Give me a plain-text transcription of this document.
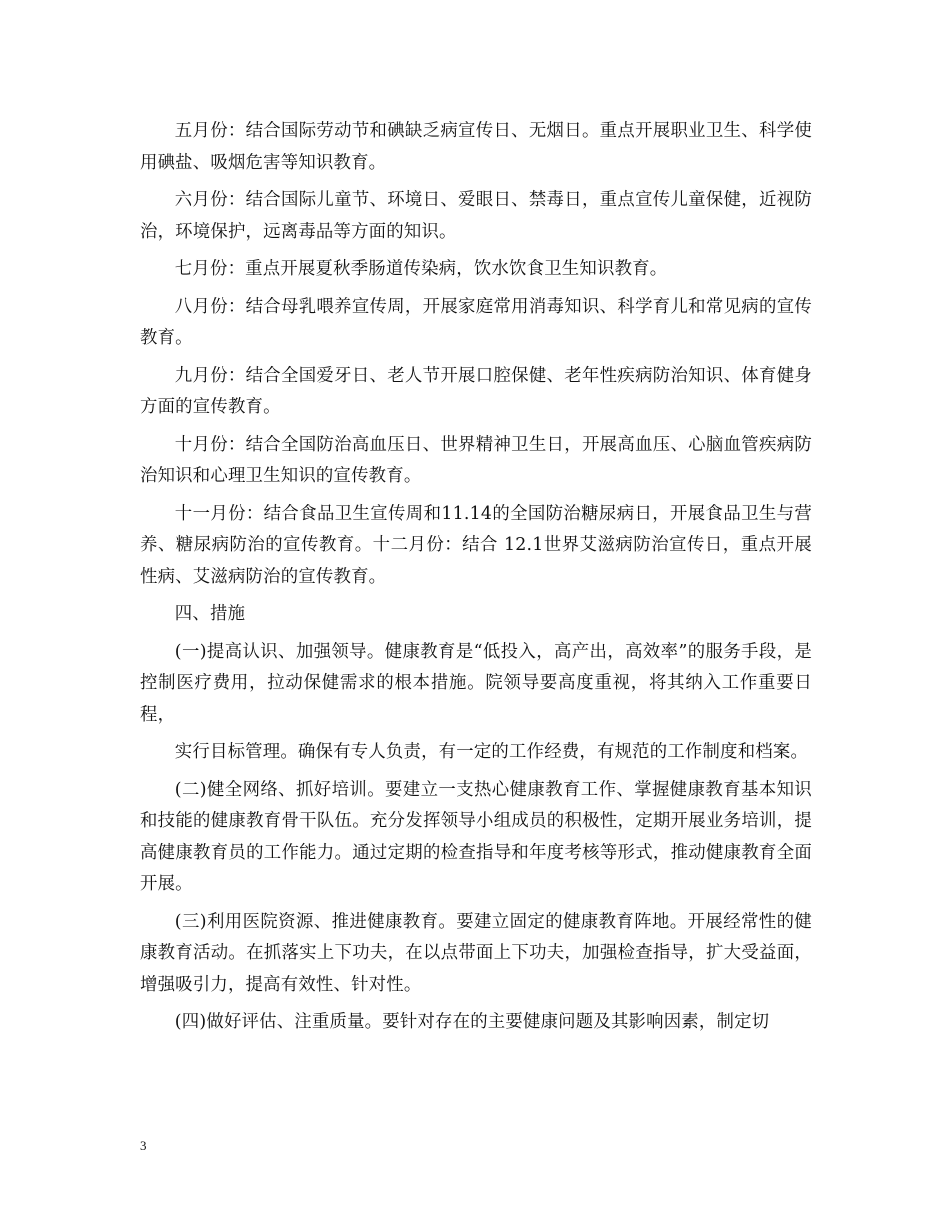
五月份：结合国际劳动节和碘缺乏病宣传日、无烟日。重点开展职业卫生、科学使用碘盐、吸烟危害等知识教育。

六月份：结合国际儿童节、环境日、爱眼日、禁毒日，重点宣传儿童保健，近视防治，环境保护，远离毒品等方面的知识。

七月份：重点开展夏秋季肠道传染病，饮水饮食卫生知识教育。

八月份：结合母乳喂养宣传周，开展家庭常用消毒知识、科学育儿和常见病的宣传教育。

九月份：结合全国爱牙日、老人节开展口腔保健、老年性疾病防治知识、体育健身方面的宣传教育。

十月份：结合全国防治高血压日、世界精神卫生日，开展高血压、心脑血管疾病防治知识和心理卫生知识的宣传教育。

十一月份：结合食品卫生宣传周和11.14的全国防治糖尿病日，开展食品卫生与营养、糖尿病防治的宣传教育。十二月份：结合 12.1世界艾滋病防治宣传日，重点开展性病、艾滋病防治的宣传教育。

四、措施

(一)提高认识、加强领导。健康教育是“低投入，高产出，高效率”的服务手段，是控制医疗费用，拉动保健需求的根本措施。院领导要高度重视，将其纳入工作重要日程，

实行目标管理。确保有专人负责，有一定的工作经费，有规范的工作制度和档案。

(二)健全网络、抓好培训。要建立一支热心健康教育工作、掌握健康教育基本知识和技能的健康教育骨干队伍。充分发挥领导小组成员的积极性，定期开展业务培训，提高健康教育员的工作能力。通过定期的检查指导和年度考核等形式，推动健康教育全面开展。

(三)利用医院资源、推进健康教育。要建立固定的健康教育阵地。开展经常性的健康教育活动。在抓落实上下功夫，在以点带面上下功夫，加强检查指导，扩大受益面，增强吸引力，提高有效性、针对性。

(四)做好评估、注重质量。要针对存在的主要健康问题及其影响因素，制定切

3
